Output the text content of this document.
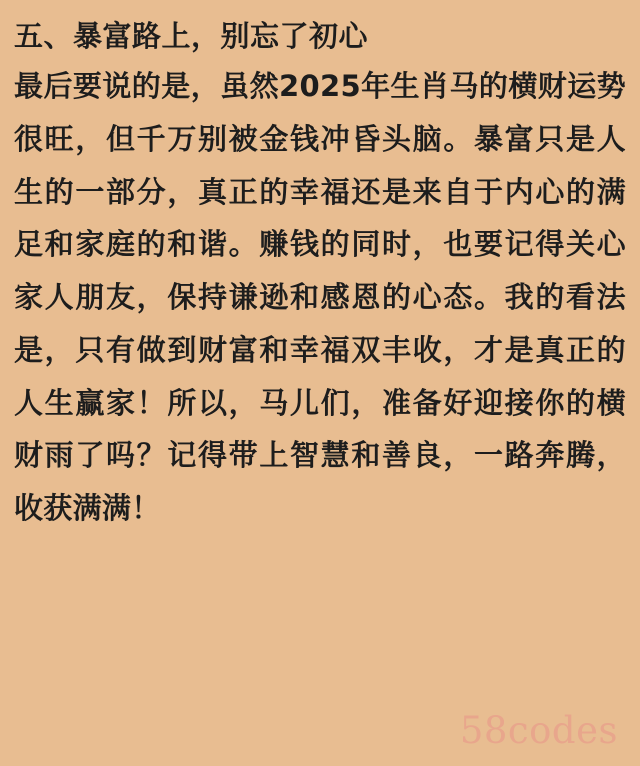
五、暴富路上，别忘了初心
最后要说的是，虽然2025年生肖马的横财运势很旺，但千万别被金钱冲昏头脑。暴富只是人生的一部分，真正的幸福还是来自于内心的满足和家庭的和谐。赚钱的同时，也要记得关心家人朋友，保持谦逊和感恩的心态。我的看法是，只有做到财富和幸福双丰收，才是真正的人生赢家！所以，马儿们，准备好迎接你的横财雨了吗？记得带上智慧和善良，一路奔腾，收获满满！
58codes
